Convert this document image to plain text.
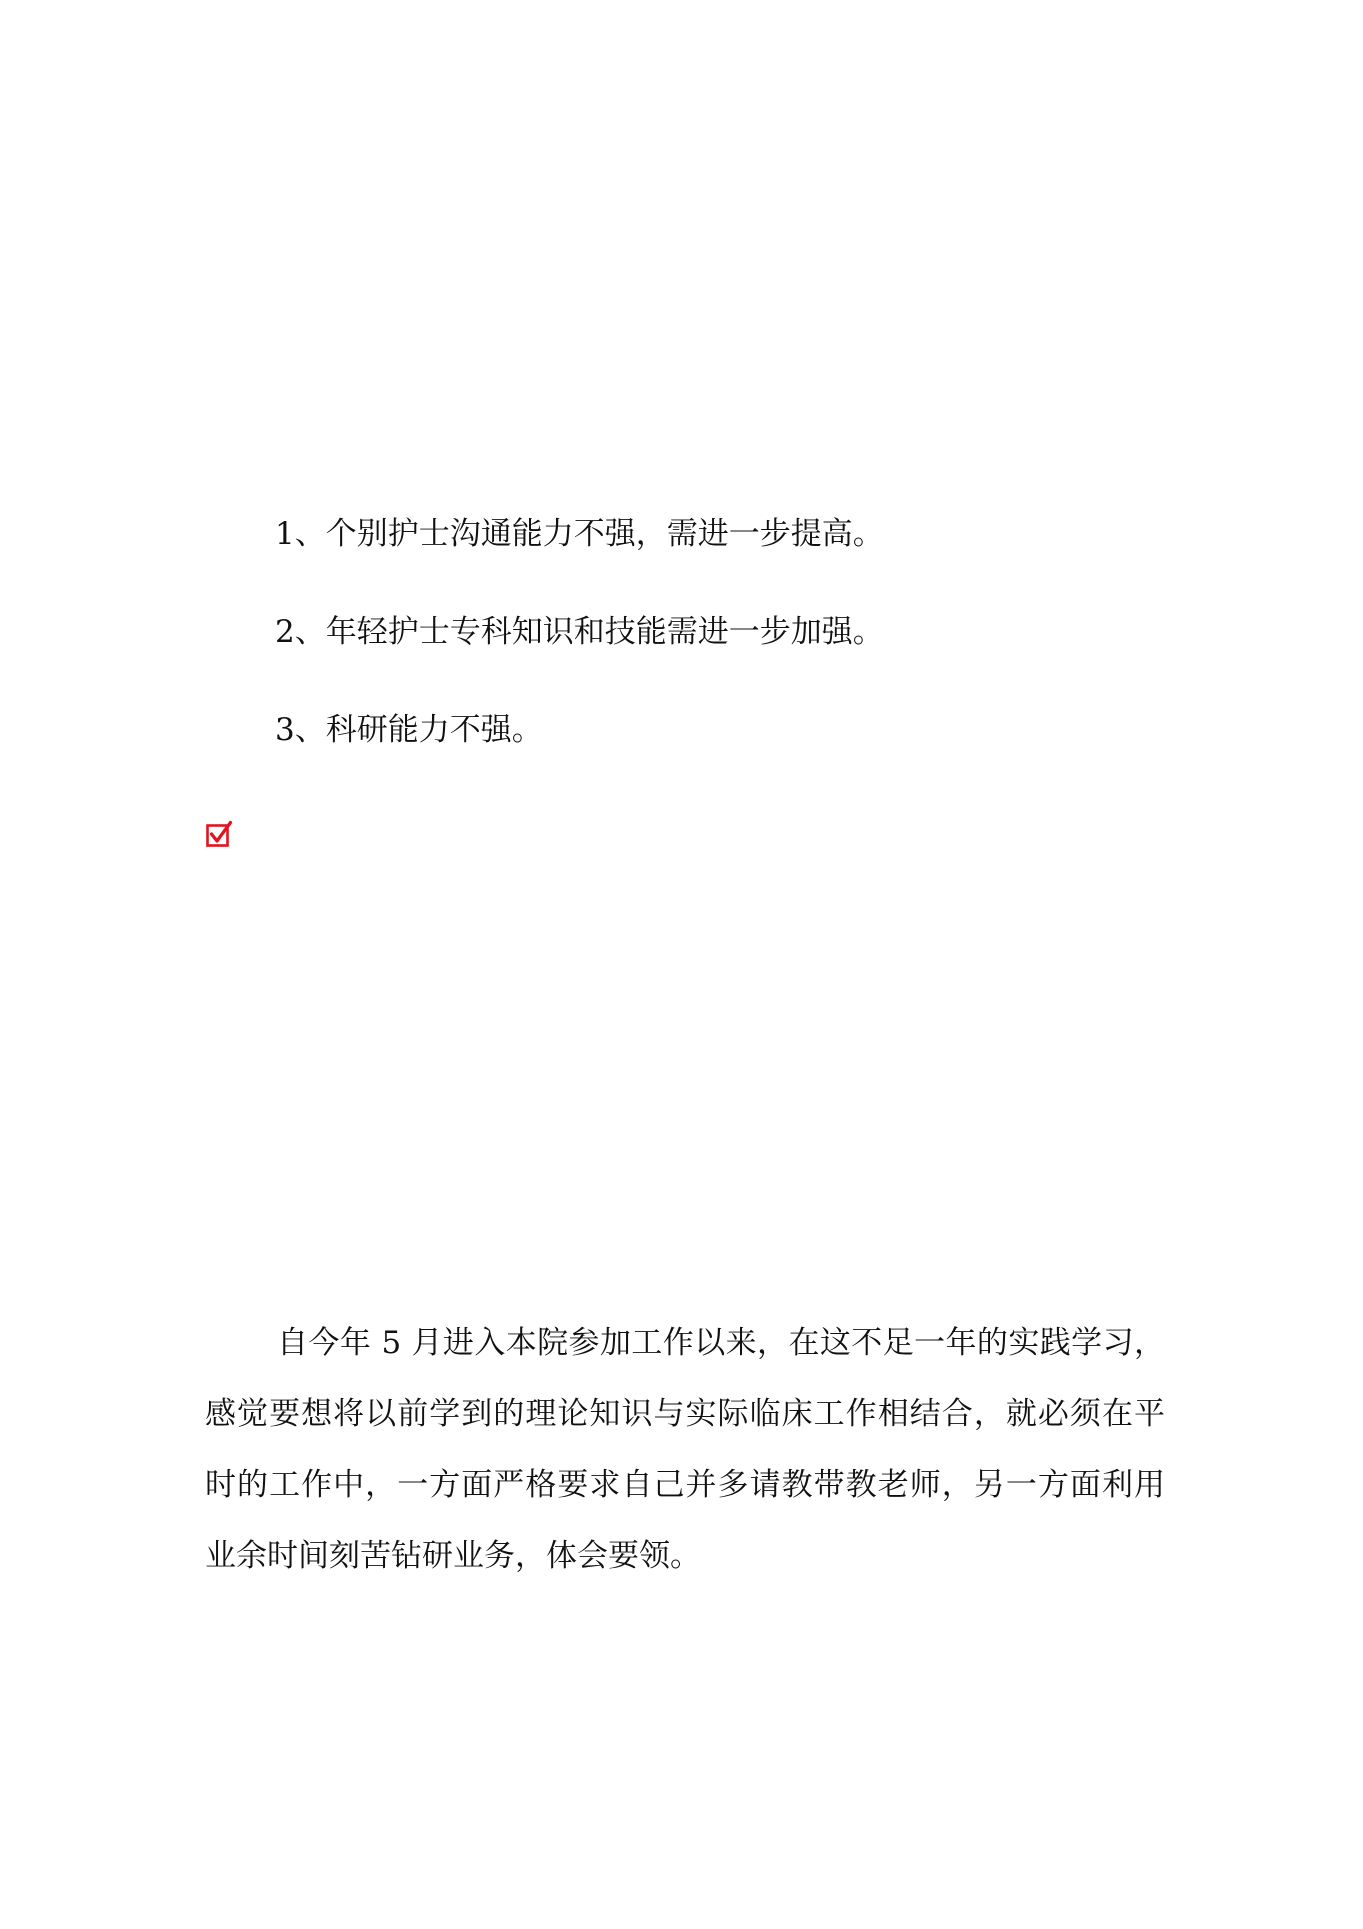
1、个别护士沟通能力不强，需进一步提高。

2、年轻护士专科知识和技能需进一步加强。

3、科研能力不强。

自今年 5 月进入本院参加工作以来，在这不足一年的实践学习，感觉要想将以前学到的理论知识与实际临床工作相结合，就必须在平时的工作中，一方面严格要求自己并多请教带教老师，另一方面利用业余时间刻苦钻研业务，体会要领。
